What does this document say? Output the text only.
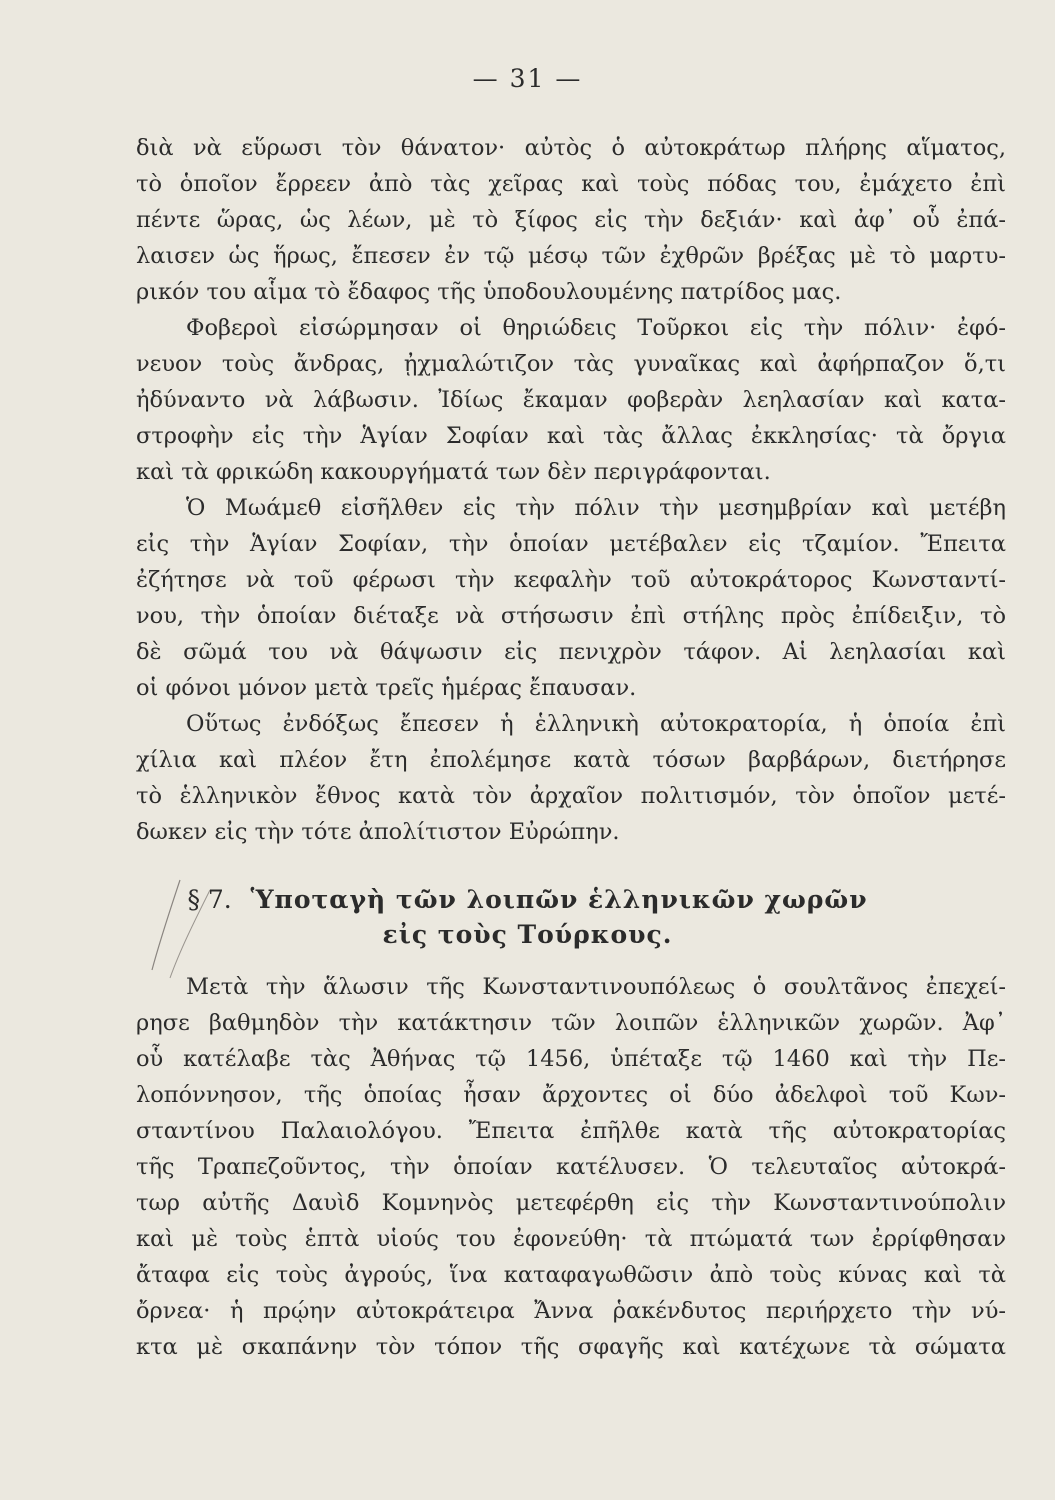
— 31 —
διὰ νὰ εὕρωσι τὸν θάνατον· αὐτὸς ὁ αὐτοκράτωρ πλήρης αἵματος,
τὸ ὁποῖον ἔρρεεν ἀπὸ τὰς χεῖρας καὶ τοὺς πόδας του, ἐμάχετο ἐπὶ
πέντε ὥρας, ὡς λέων, μὲ τὸ ξίφος εἰς τὴν δεξιάν· καὶ ἀφ᾿ οὗ ἐπά-
λαισεν ὡς ἥρως, ἔπεσεν ἐν τῷ μέσῳ τῶν ἐχθρῶν βρέξας μὲ τὸ μαρτυ-
ρικόν του αἷμα τὸ ἔδαφος τῆς ὑποδουλουμένης πατρίδος μας.
Φοβεροὶ εἰσώρμησαν οἱ θηριώδεις Τοῦρκοι εἰς τὴν πόλιν· ἐφό-
νευον τοὺς ἄνδρας, ᾐχμαλώτιζον τὰς γυναῖκας καὶ ἀφήρπαζον ὅ,τι
ἠδύναντο νὰ λάβωσιν. Ἰδίως ἔκαμαν φοβερὰν λεηλασίαν καὶ κατα-
στροφὴν εἰς τὴν Ἁγίαν Σοφίαν καὶ τὰς ἄλλας ἐκκλησίας· τὰ ὄργια
καὶ τὰ φρικώδη κακουργήματά των δὲν περιγράφονται.
Ὁ Μωάμεθ εἰσῆλθεν εἰς τὴν πόλιν τὴν μεσημβρίαν καὶ μετέβη
εἰς τὴν Ἁγίαν Σοφίαν, τὴν ὁποίαν μετέβαλεν εἰς τζαμίον. Ἔπειτα
ἐζήτησε νὰ τοῦ φέρωσι τὴν κεφαλὴν τοῦ αὐτοκράτορος Κωνσταντί-
νου, τὴν ὁποίαν διέταξε νὰ στήσωσιν ἐπὶ στήλης πρὸς ἐπίδειξιν, τὸ
δὲ σῶμά του νὰ θάψωσιν εἰς πενιχρὸν τάφον. Αἱ λεηλασίαι καὶ
οἱ φόνοι μόνον μετὰ τρεῖς ἡμέρας ἔπαυσαν.
Οὕτως ἐνδόξως ἔπεσεν ἡ ἑλληνικὴ αὐτοκρατορία, ἡ ὁποία ἐπὶ
χίλια καὶ πλέον ἔτη ἐπολέμησε κατὰ τόσων βαρβάρων, διετήρησε
τὸ ἑλληνικὸν ἔθνος κατὰ τὸν ἀρχαῖον πολιτισμόν, τὸν ὁποῖον μετέ-
δωκεν εἰς τὴν τότε ἀπολίτιστον Εὐρώπην.
§ 7. Ὑποταγὴ τῶν λοιπῶν ἑλληνικῶν χωρῶν
εἰς τοὺς Τούρκους.
Μετὰ τὴν ἅλωσιν τῆς Κωνσταντινουπόλεως ὁ σουλτᾶνος ἐπεχεί-
ρησε βαθμηδὸν τὴν κατάκτησιν τῶν λοιπῶν ἑλληνικῶν χωρῶν. Ἀφ᾿
οὗ κατέλαβε τὰς Ἀθήνας τῷ 1456, ὑπέταξε τῷ 1460 καὶ τὴν Πε-
λοπόννησον, τῆς ὁποίας ἦσαν ἄρχοντες οἱ δύο ἀδελφοὶ τοῦ Κων-
σταντίνου Παλαιολόγου. Ἔπειτα ἐπῆλθε κατὰ τῆς αὐτοκρατορίας
τῆς Τραπεζοῦντος, τὴν ὁποίαν κατέλυσεν. Ὁ τελευταῖος αὐτοκρά-
τωρ αὐτῆς Δαυὶδ Κομνηνὸς μετεφέρθη εἰς τὴν Κωνσταντινούπολιν
καὶ μὲ τοὺς ἑπτὰ υἱούς του ἐφονεύθη· τὰ πτώματά των ἐρρίφθησαν
ἄταφα εἰς τοὺς ἀγρούς, ἵνα καταφαγωθῶσιν ἀπὸ τοὺς κύνας καὶ τὰ
ὄρνεα· ἡ πρῴην αὐτοκράτειρα Ἄννα ῥακένδυτος περιήρχετο τὴν νύ-
κτα μὲ σκαπάνην τὸν τόπον τῆς σφαγῆς καὶ κατέχωνε τὰ σώματα
